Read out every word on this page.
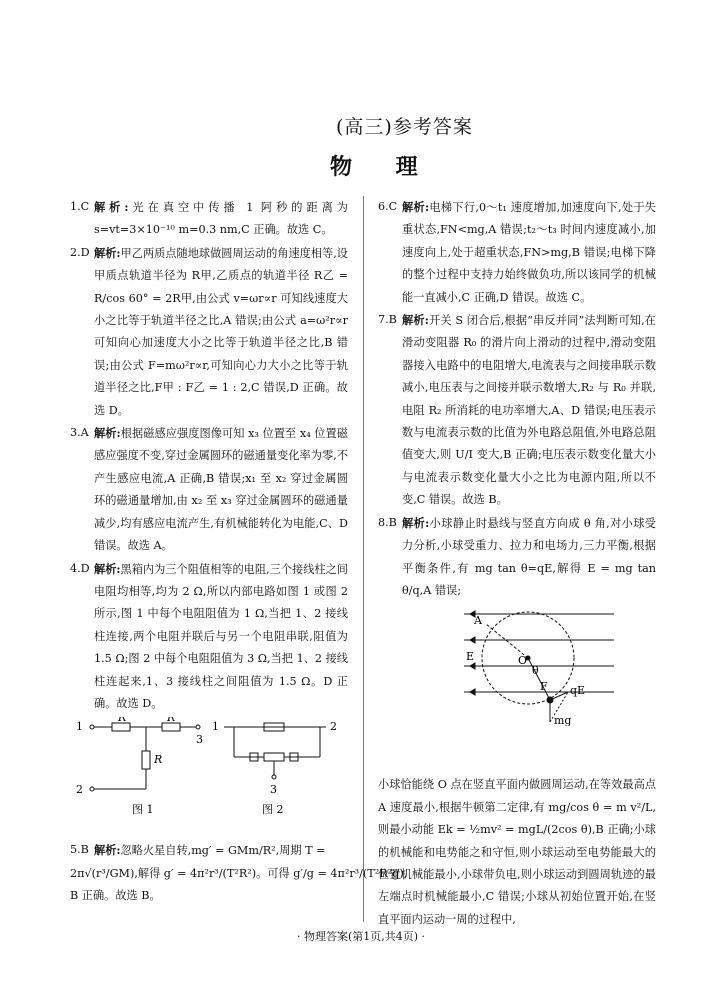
(高三)参考答案
物 理
1.C 解析:光在真空中传播 1 阿秒的距离为 s=vt=3×10⁻¹⁰ m=0.3 nm,C 正确。故选 C。

2.D 解析:甲乙两质点随地球做圆周运动的角速度相等,设甲质点轨道半径为 R甲,乙质点的轨道半径 R乙 = R/cos 60° = 2R甲,由公式 v=ωr∝r 可知线速度大小之比等于轨道半径之比,A 错误;由公式 a=ω²r∝r 可知向心加速度大小之比等于轨道半径之比,B 错误;由公式 F=mω²r∝r,可知向心力大小之比等于轨道半径之比,F甲 : F乙 = 1 : 2,C 错误,D 正确。故选 D。

3.A 解析:根据磁感应强度图像可知 x₃ 位置至 x₄ 位置磁感应强度不变,穿过金属圆环的磁通量变化率为零,不产生感应电流,A 正确,B 错误;x₁ 至 x₂ 穿过金属圆环的磁通量增加,由 x₂ 至 x₃ 穿过金属圆环的磁通量减少,均有感应电流产生,有机械能转化为电能,C、D 错误。故选 A。

4.D 解析:黑箱内为三个阻值相等的电阻,三个接线柱之间电阻均相等,均为 2 Ω,所以内部电路如图 1 或图 2 所示,图 1 中每个电阻阻值为 1 Ω,当把 1、2 接线柱连接,两个电阻并联后与另一个电阻串联,阻值为 1.5 Ω;图 2 中每个电阻阻值为 3 Ω,当把 1、2 接线柱连起来,1、3 接线柱之间阻值为 1.5 Ω。D 正确。故选 D。

1
R	R
R
3
2
1	2
3
图 1	图 2
5.B 解析:忽略火星自转,mg′ = GMm/R²,周期 T =

2π√(r³/GM),解得 g′ = 4π²r³/(T²R²)。可得 g′/g = 4π²r³/(T²R²g),
B 正确。故选 B。
6.C 解析:电梯下行,0～t₁ 速度增加,加速度向下,处于失重状态,FN<mg,A 错误;t₂～t₃ 时间内速度减小,加速度向上,处于超重状态,FN>mg,B 错误;电梯下降的整个过程中支持力始终做负功,所以该同学的机械能一直减小,C 正确,D 错误。故选 C。

7.B 解析:开关 S 闭合后,根据“串反并同”法判断可知,在滑动变阻器 R₀ 的滑片向上滑动的过程中,滑动变阻器接入电路中的电阻增大,电流表与之间接串联示数减小,电压表与之间接并联示数增大,R₂ 与 R₀ 并联,电阻 R₂ 所消耗的电功率增大,A、D 错误;电压表示数与电流表示数的比值为外电路总阻值,外电路总阻值变大,则 U/I 变大,B 正确;电压表示数变化量大小与电流表示数变化量大小之比为电源内阻,所以不变,C 错误。故选 B。

8.B 解析:小球静止时悬线与竖直方向成 θ 角,对小球受力分析,小球受重力、拉力和电场力,三力平衡,根据平衡条件,有 mg tan θ=qE,解得 E = mg tan θ/q,A 错误;

A
E	O
θ
F qE
mg

小球恰能绕 O 点在竖直平面内做圆周运动,在等效最高点 A 速度最小,根据牛顿第二定律,有 mg/cos θ = m v²/L,则最小动能 Ek = ½mv² = mgL/(2cos θ),B 正确;小球的机械能和电势能之和守恒,则小球运动至电势能最大的位置机械能最小,小球带负电,则小球运动到圆周轨迹的最左端点时机械能最小,C 错误;小球从初始位置开始,在竖直平面内运动一周的过程中,

· 物理答案(第1页,共4页) ·
